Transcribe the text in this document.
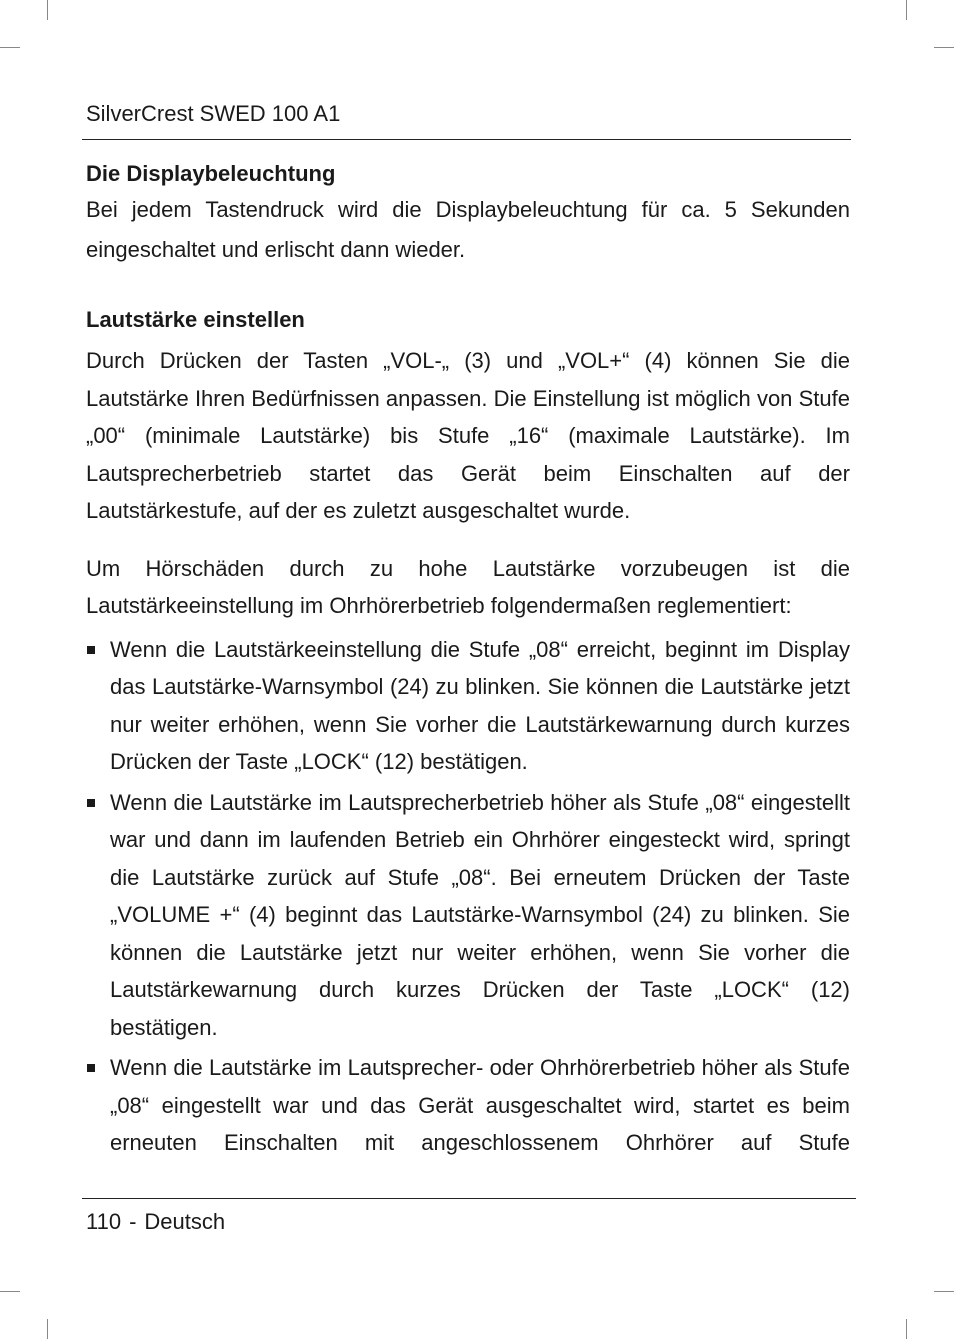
SilverCrest SWED 100 A1
Die Displaybeleuchtung

Bei jedem Tastendruck wird die Displaybeleuchtung für ca. 5 Sekunden eingeschaltet und erlischt dann wieder.

Lautstärke einstellen

Durch Drücken der Tasten „VOL-„ (3) und „VOL+“ (4) können Sie die Lautstärke Ihren Bedürfnissen anpassen. Die Einstellung ist möglich von Stufe „00“ (minimale Lautstärke) bis Stufe „16“ (maximale Lautstärke). Im Lautsprecherbetrieb startet das Gerät beim Einschalten auf der Lautstärkestufe, auf der es zuletzt ausgeschaltet wurde.

Um Hörschäden durch zu hohe Lautstärke vorzubeugen ist die Lautstärkeeinstellung im Ohrhörerbetrieb folgendermaßen reglementiert:

Wenn die Lautstärkeeinstellung die Stufe „08“ erreicht, beginnt im Display das Lautstärke-Warnsymbol (24) zu blinken. Sie können die Lautstärke jetzt nur weiter erhöhen, wenn Sie vorher die Lautstärkewarnung durch kurzes Drücken der Taste „LOCK“ (12) bestätigen.
Wenn die Lautstärke im Lautsprecherbetrieb höher als Stufe „08“ eingestellt war und dann im laufenden Betrieb ein Ohrhörer eingesteckt wird, springt die Lautstärke zurück auf Stufe „08“. Bei erneutem Drücken der Taste „VOLUME +“ (4) beginnt das Lautstärke-Warnsymbol (24) zu blinken. Sie können die Lautstärke jetzt nur weiter erhöhen, wenn Sie vorher die Lautstärkewarnung durch kurzes Drücken der Taste „LOCK“ (12) bestätigen.
Wenn die Lautstärke im Lautsprecher- oder Ohrhörerbetrieb höher als Stufe „08“ eingestellt war und das Gerät ausgeschaltet wird, startet es beim erneuten Einschalten mit angeschlossenem Ohrhörer auf Stufe
110 - Deutsch
